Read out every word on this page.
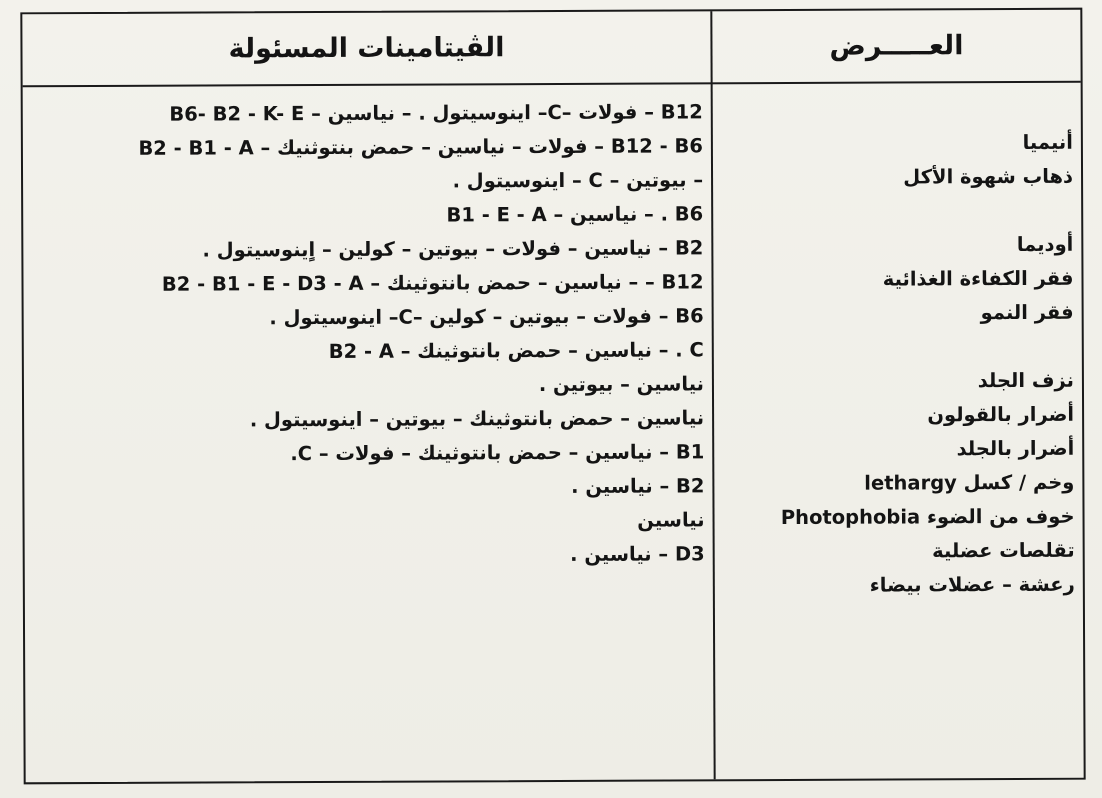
الڤيتامينات المسئولة	العـــــرض
أنيميا
ذهاب شهوة الأكل
أوديما
فقر الكفاءة الغذائية
فقر النمو
نزف الجلد
أضرار بالقولون
أضرار بالجلد
وخم / كسل lethargy
خوف من الضوء Photophobia
تقلصات عضلية
رعشة – عضلات بيضاء
B12 – فولات –C– اينوسيتول . – نياسين – B6- B2 - K- E
B12 - B6 – فولات – نياسين – حمض بنتوثنيك – B2 - B1 - A
– بيوتين – C – اينوسيتول .
B6 . – نياسين – B1 - E - A
B2 – نياسين – فولات – بيوتين – كولين – اٍينوسيتول .
B12 – – نياسين – حمض بانتوثينك – B2 - B1 - E - D3 - A
B6 – فولات – بيوتين – كولين –C– اينوسيتول .
C . – نياسين – حمض بانتوثينك – B2 - A
نياسين – بيوتين .
نياسين – حمض بانتوثينك – بيوتين – اينوسيتول .
B1 – نياسين – حمض بانتوثينك – فولات – C.
B2 – نياسين .
نياسين
D3 – نياسين .
